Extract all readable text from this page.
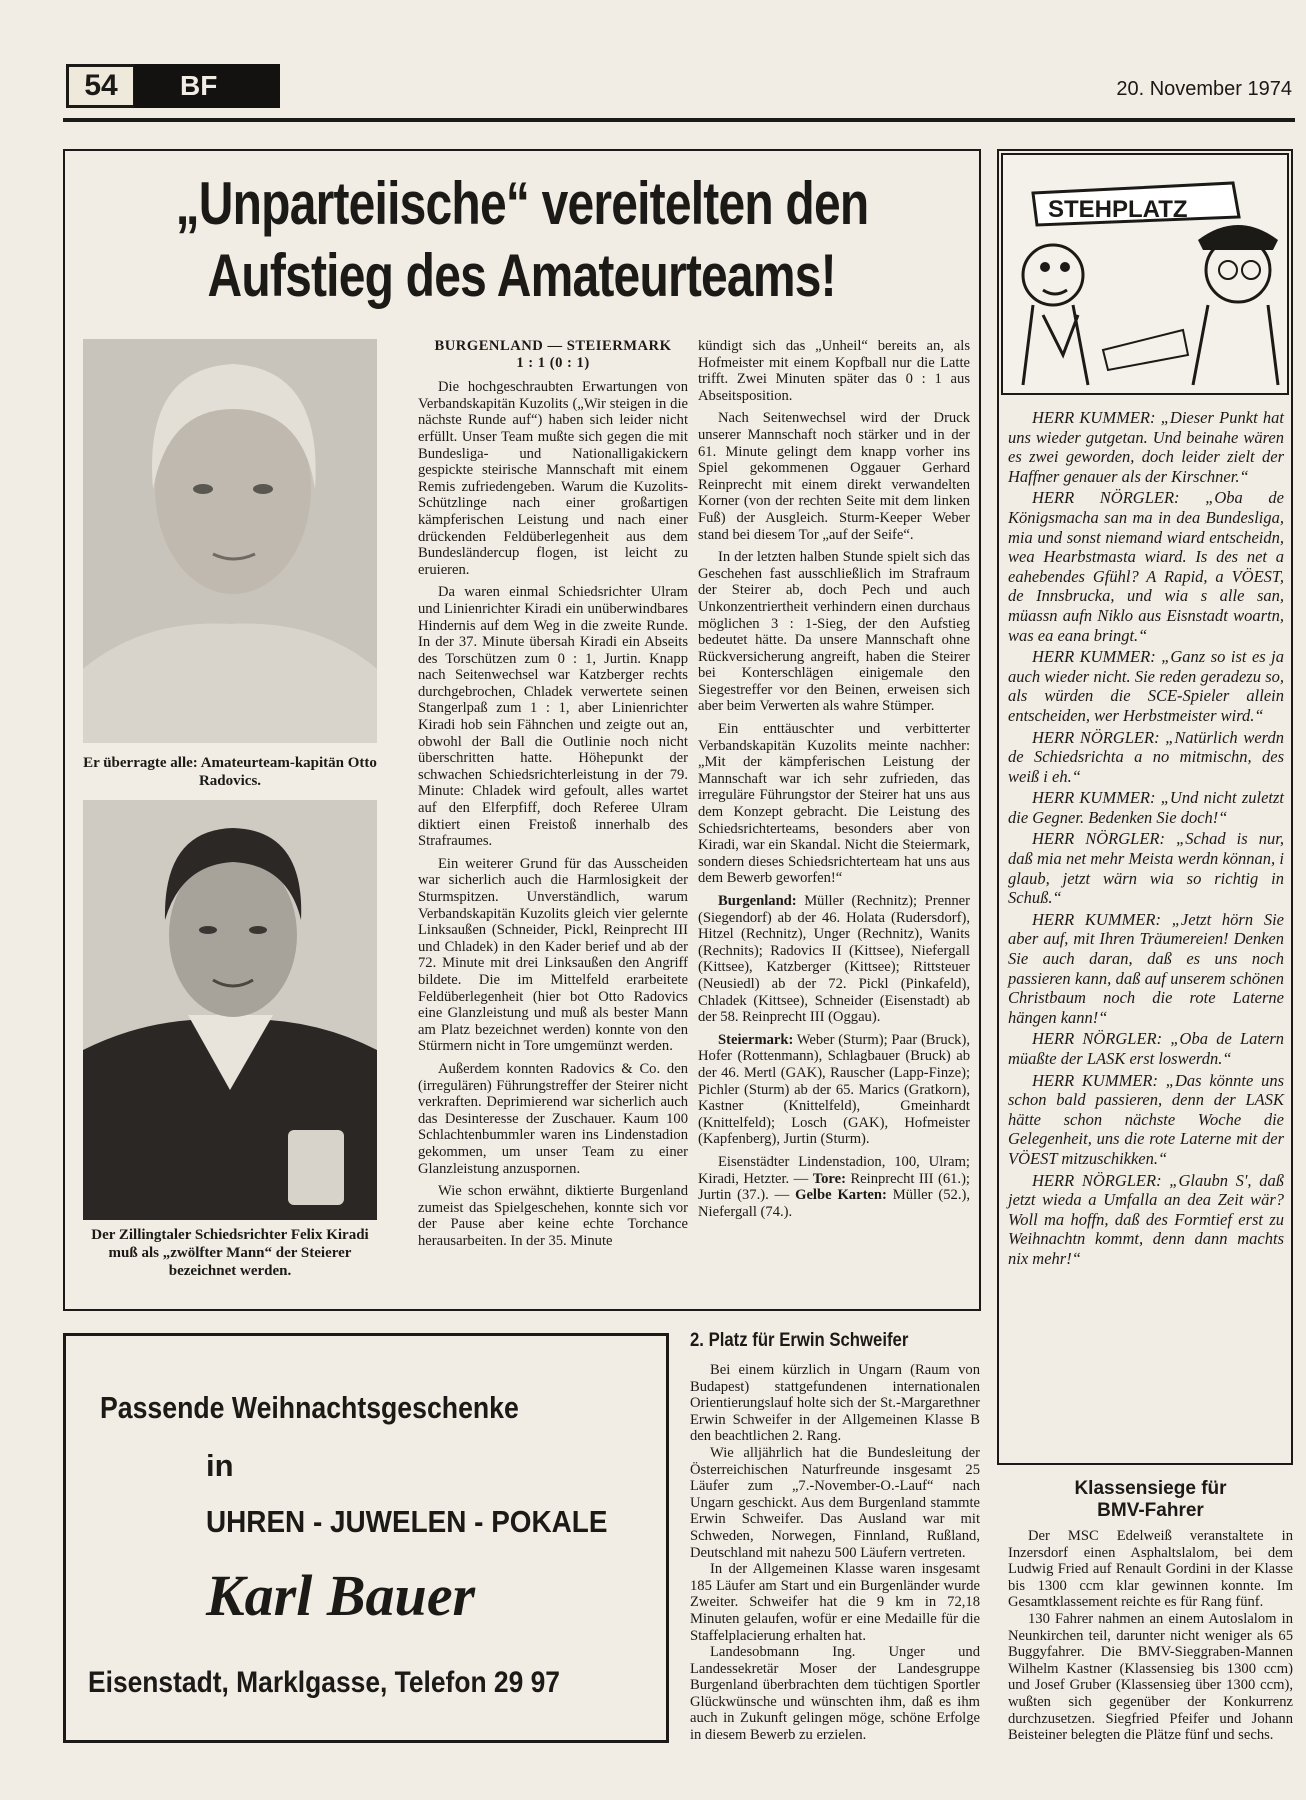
54	BF	20. November 1974
„Unparteiische“ vereitelten den
Aufstieg des Amateurteams!
Er überragte alle: Amateurteam-kapitän Otto Radovics.
Der Zillingtaler Schiedsrichter Felix Kiradi muß als „zwölfter Mann“ der Steierer bezeichnet werden.

BURGENLAND — STEIERMARK
1 : 1 (0 : 1)

Die hochgeschraubten Erwartungen von Verbandskapitän Kuzolits („Wir steigen in die nächste Runde auf“) haben sich leider nicht erfüllt. Unser Team mußte sich gegen die mit Bundesliga- und Nationalligakickern gespickte steirische Mannschaft mit einem Remis zufriedengeben. Warum die Kuzolits-Schützlinge nach einer großartigen kämpferischen Leistung und nach einer drückenden Feldüberlegenheit aus dem Bundesländercup flogen, ist leicht zu eruieren.

Da waren einmal Schiedsrichter Ulram und Linienrichter Kiradi ein unüberwindbares Hindernis auf dem Weg in die zweite Runde. In der 37. Minute übersah Kiradi ein Abseits des Torschützen zum 0 : 1, Jurtin. Knapp nach Seitenwechsel war Katzberger rechts durchgebrochen, Chladek verwertete seinen Stangerlpaß zum 1 : 1, aber Linienrichter Kiradi hob sein Fähnchen und zeigte out an, obwohl der Ball die Outlinie noch nicht überschritten hatte. Höhepunkt der schwachen Schiedsrichterleistung in der 79. Minute: Chladek wird gefoult, alles wartet auf den Elferpfiff, doch Referee Ulram diktiert einen Freistoß innerhalb des Strafraumes.

Ein weiterer Grund für das Ausscheiden war sicherlich auch die Harmlosigkeit der Sturmspitzen. Unverständlich, warum Verbandskapitän Kuzolits gleich vier gelernte Linksaußen (Schneider, Pickl, Reinprecht III und Chladek) in den Kader berief und ab der 72. Minute mit drei Linksaußen den Angriff bildete. Die im Mittelfeld erarbeitete Feldüberlegenheit (hier bot Otto Radovics eine Glanzleistung und muß als bester Mann am Platz bezeichnet werden) konnte von den Stürmern nicht in Tore umgemünzt werden.

Außerdem konnten Radovics & Co. den (irregulären) Führungstreffer der Steirer nicht verkraften. Deprimierend war sicherlich auch das Desinteresse der Zuschauer. Kaum 100 Schlachtenbummler waren ins Lindenstadion gekommen, um unser Team zu einer Glanzleistung anzuspornen.

Wie schon erwähnt, diktierte Burgenland zumeist das Spielgeschehen, konnte sich vor der Pause aber keine echte Torchance herausarbeiten. In der 35. Minute

kündigt sich das „Unheil“ bereits an, als Hofmeister mit einem Kopfball nur die Latte trifft. Zwei Minuten später das 0 : 1 aus Abseitsposition.

Nach Seitenwechsel wird der Druck unserer Mannschaft noch stärker und in der 61. Minute gelingt dem knapp vorher ins Spiel gekommenen Oggauer Gerhard Reinprecht mit einem direkt verwandelten Korner (von der rechten Seite mit dem linken Fuß) der Ausgleich. Sturm-Keeper Weber stand bei diesem Tor „auf der Seife“.

In der letzten halben Stunde spielt sich das Geschehen fast ausschließlich im Strafraum der Steirer ab, doch Pech und auch Unkonzentriertheit verhindern einen durchaus möglichen 3 : 1-Sieg, der den Aufstieg bedeutet hätte. Da unsere Mannschaft ohne Rückversicherung angreift, haben die Steirer bei Konterschlägen einigemale den Siegestreffer vor den Beinen, erweisen sich aber beim Verwerten als wahre Stümper.

Ein enttäuschter und verbitterter Verbandskapitän Kuzolits meinte nachher: „Mit der kämpferischen Leistung der Mannschaft war ich sehr zufrieden, das irreguläre Führungstor der Steirer hat uns aus dem Konzept gebracht. Die Leistung des Schiedsrichterteams, besonders aber von Kiradi, war ein Skandal. Nicht die Steiermark, sondern dieses Schiedsrichterteam hat uns aus dem Bewerb geworfen!“

Burgenland: Müller (Rechnitz); Prenner (Siegendorf) ab der 46. Holata (Rudersdorf), Hitzel (Rechnitz), Unger (Rechnitz), Wanits (Rechnits); Radovics II (Kittsee), Niefergall (Kittsee), Katzberger (Kittsee); Rittsteuer (Neusiedl) ab der 72. Pickl (Pinkafeld), Chladek (Kittsee), Schneider (Eisenstadt) ab der 58. Reinprecht III (Oggau).

Steiermark: Weber (Sturm); Paar (Bruck), Hofer (Rottenmann), Schlagbauer (Bruck) ab der 46. Mertl (GAK), Rauscher (Lapp-Finze); Pichler (Sturm) ab der 65. Marics (Gratkorn), Kastner (Knittelfeld), Gmeinhardt (Knittelfeld); Losch (GAK), Hofmeister (Kapfenberg), Jurtin (Sturm).

Eisenstädter Lindenstadion, 100, Ulram; Kiradi, Hetzter. — Tore: Reinprecht III (61.); Jurtin (37.). — Gelbe Karten: Müller (52.), Niefergall (74.).

STEHPLATZ

HERR KUMMER: „Dieser Punkt hat uns wieder gutgetan. Und beinahe wären es zwei geworden, doch leider zielt der Haffner genauer als der Kirschner.“

HERR NÖRGLER: „Oba de Königsmacha san ma in dea Bundesliga, mia und sonst niemand wiard entscheidn, wea Hearbstmasta wiard. Is des net a eahebendes Gfühl? A Rapid, a VÖEST, de Innsbrucka, und wia s alle san, müassn aufn Niklo aus Eisnstadt woartn, was ea eana bringt.“

HERR KUMMER: „Ganz so ist es ja auch wieder nicht. Sie reden geradezu so, als würden die SCE-Spieler allein entscheiden, wer Herbstmeister wird.“

HERR NÖRGLER: „Natürlich werdn de Schiedsrichta a no mitmischn, des weiß i eh.“

HERR KUMMER: „Und nicht zuletzt die Gegner. Bedenken Sie doch!“

HERR NÖRGLER: „Schad is nur, daß mia net mehr Meista werdn könnan, i glaub, jetzt wärn wia so richtig in Schuß.“

HERR KUMMER: „Jetzt hörn Sie aber auf, mit Ihren Träumereien! Denken Sie auch daran, daß es uns noch passieren kann, daß auf unserem schönen Christbaum noch die rote Laterne hängen kann!“

HERR NÖRGLER: „Oba de Latern müaßte der LASK erst loswerdn.“

HERR KUMMER: „Das könnte uns schon bald passieren, denn der LASK hätte schon nächste Woche die Gelegenheit, uns die rote Laterne mit der VÖEST mitzuschikken.“

HERR NÖRGLER: „Glaubn S', daß jetzt wieda a Umfalla an dea Zeit wär? Woll ma hoffn, daß des Formtief erst zu Weihnachtn kommt, denn dann machts nix mehr!“

Passende Weihnachtsgeschenke
in
UHREN - JUWELEN - POKALE
Karl Bauer
Eisenstadt, Marklgasse, Telefon 29 97
2. Platz für Erwin Schweifer

Bei einem kürzlich in Ungarn (Raum von Budapest) stattgefundenen internationalen Orientierungslauf holte sich der St.-Margarethner Erwin Schweifer in der Allgemeinen Klasse B den beachtlichen 2. Rang.

Wie alljährlich hat die Bundesleitung der Österreichischen Naturfreunde insgesamt 25 Läufer zum „7.-November-O.-Lauf“ nach Ungarn geschickt. Aus dem Burgenland stammte Erwin Schweifer. Das Ausland war mit Schweden, Norwegen, Finnland, Rußland, Deutschland mit nahezu 500 Läufern vertreten.

In der Allgemeinen Klasse waren insgesamt 185 Läufer am Start und ein Burgenländer wurde Zweiter. Schweifer hat die 9 km in 72,18 Minuten gelaufen, wofür er eine Medaille für die Staffelplacierung erhalten hat.

Landesobmann Ing. Unger und Landessekretär Moser der Landesgruppe Burgenland überbrachten dem tüchtigen Sportler Glückwünsche und wünschten ihm, daß es ihm auch in Zukunft gelingen möge, schöne Erfolge in diesem Bewerb zu erzielen.

Klassensiege für
BMV-Fahrer

Der MSC Edelweiß veranstaltete in Inzersdorf einen Asphaltslalom, bei dem Ludwig Fried auf Renault Gordini in der Klasse bis 1300 ccm klar gewinnen konnte. Im Gesamtklassement reichte es für Rang fünf.

130 Fahrer nahmen an einem Autoslalom in Neunkirchen teil, darunter nicht weniger als 65 Buggyfahrer. Die BMV-Sieggraben-Mannen Wilhelm Kastner (Klassensieg bis 1300 ccm) und Josef Gruber (Klassensieg über 1300 ccm), wußten sich gegenüber der Konkurrenz durchzusetzen. Siegfried Pfeifer und Johann Beisteiner belegten die Plätze fünf und sechs.
